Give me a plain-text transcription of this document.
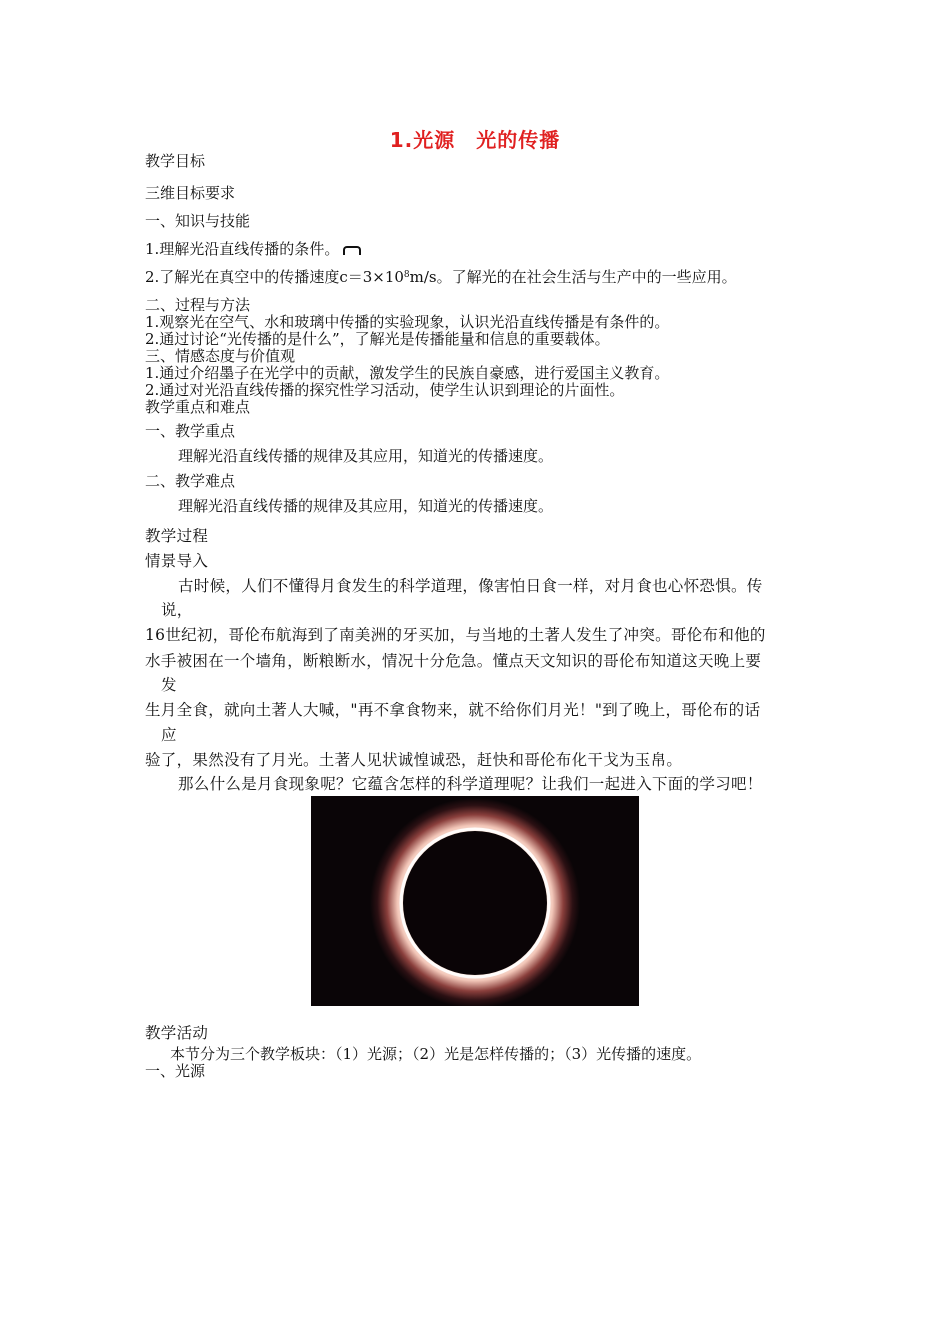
1.光源　光的传播
教学目标
三维目标要求
一、知识与技能
1.理解光沿直线传播的条件。
2.了解光在真空中的传播速度$c=3\times 10^8m/s$。了解光的在社会生活与生产中的一些应用。
二、过程与方法
1.观察光在空气、水和玻璃中传播的实验现象，认识光沿直线传播是有条件的。
2.通过讨论“光传播的是什么”，了解光是传播能量和信息的重要载体。
三、情感态度与价值观
1.通过介绍墨子在光学中的贡献，激发学生的民族自豪感，进行爱国主义教育。
2.通过对光沿直线传播的探究性学习活动，使学生认识到理论的片面性。
教学重点和难点
一、教学重点
理解光沿直线传播的规律及其应用，知道光的传播速度。
二、教学难点
理解光沿直线传播的规律及其应用，知道光的传播速度。
教学过程
情景导入
古时候，人们不懂得月食发生的科学道理，像害怕日食一样，对月食也心怀恐惧。传
说，
16世纪初，哥伦布航海到了南美洲的牙买加，与当地的土著人发生了冲突。哥伦布和他的
水手被困在一个墙角，断粮断水，情况十分危急。懂点天文知识的哥伦布知道这天晚上要
发
生月全食，就向土著人大喊，"再不拿食物来，就不给你们月光！"到了晚上，哥伦布的话
应
验了，果然没有了月光。土著人见状诚惶诚恐，赶快和哥伦布化干戈为玉帛。
那么什么是月食现象呢？它蕴含怎样的科学道理呢？让我们一起进入下面的学习吧！
教学活动
本节分为三个教学板块：（1）光源；（2）光是怎样传播的；（3）光传播的速度。
一、光源
